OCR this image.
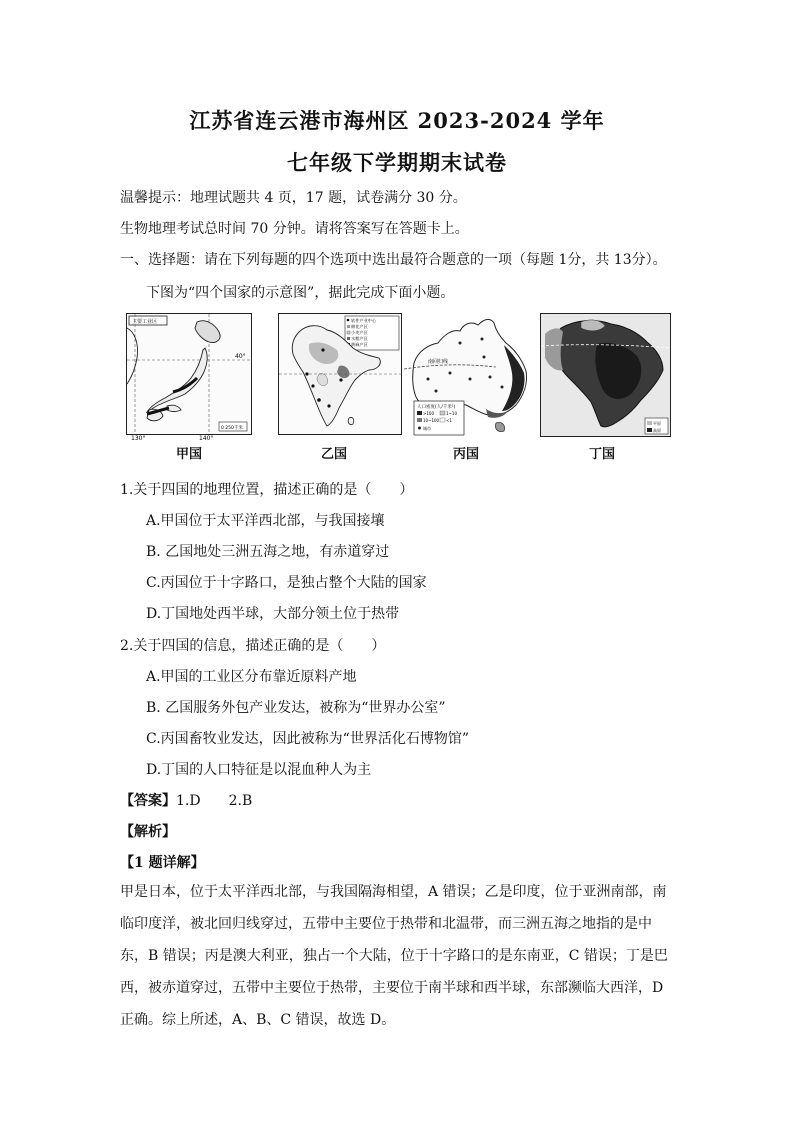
江苏省连云港市海州区 2023-2024 学年
七年级下学期期末试卷
温馨提示：地理试题共 4 页，17 题，试卷满分 30 分。
生物地理考试总时间 70 分钟。请将答案写在答题卡上。
一、选择题：请在下列每题的四个选项中选出最符合题意的一项（每题 1分，共 13分）。
下图为“四个国家的示意图”，据此完成下面小题。
主要工业区
40°
130°	140°
0 250千米
软件产业中心
棉花产区
小麦产区
水稻产区
黄麻产区
南回归线
人口密度(人/千米²)
>100	1~10
10~100 <1
城市
平原
高原
甲国	乙国	丙国	丁国
1.关于四国的地理位置，描述正确的是（　　）
A.甲国位于太平洋西北部，与我国接壤
B. 乙国地处三洲五海之地，有赤道穿过
C.丙国位于十字路口，是独占整个大陆的国家
D.丁国地处西半球，大部分领土位于热带
2.关于四国的信息，描述正确的是（　　）
A.甲国的工业区分布靠近原料产地
B. 乙国服务外包产业发达，被称为“世界办公室”
C.丙国畜牧业发达，因此被称为“世界活化石博物馆”
D.丁国的人口特征是以混血种人为主
【答案】1.D　　2.B
【解析】
【1 题详解】
甲是日本，位于太平洋西北部，与我国隔海相望，A 错误；乙是印度，位于亚洲南部，南
临印度洋，被北回归线穿过，五带中主要位于热带和北温带，而三洲五海之地指的是中
东，B 错误；丙是澳大利亚，独占一个大陆，位于十字路口的是东南亚，C 错误；丁是巴
西，被赤道穿过，五带中主要位于热带，主要位于南半球和西半球，东部濒临大西洋，D
正确。综上所述，A、B、C 错误，故选 D。
